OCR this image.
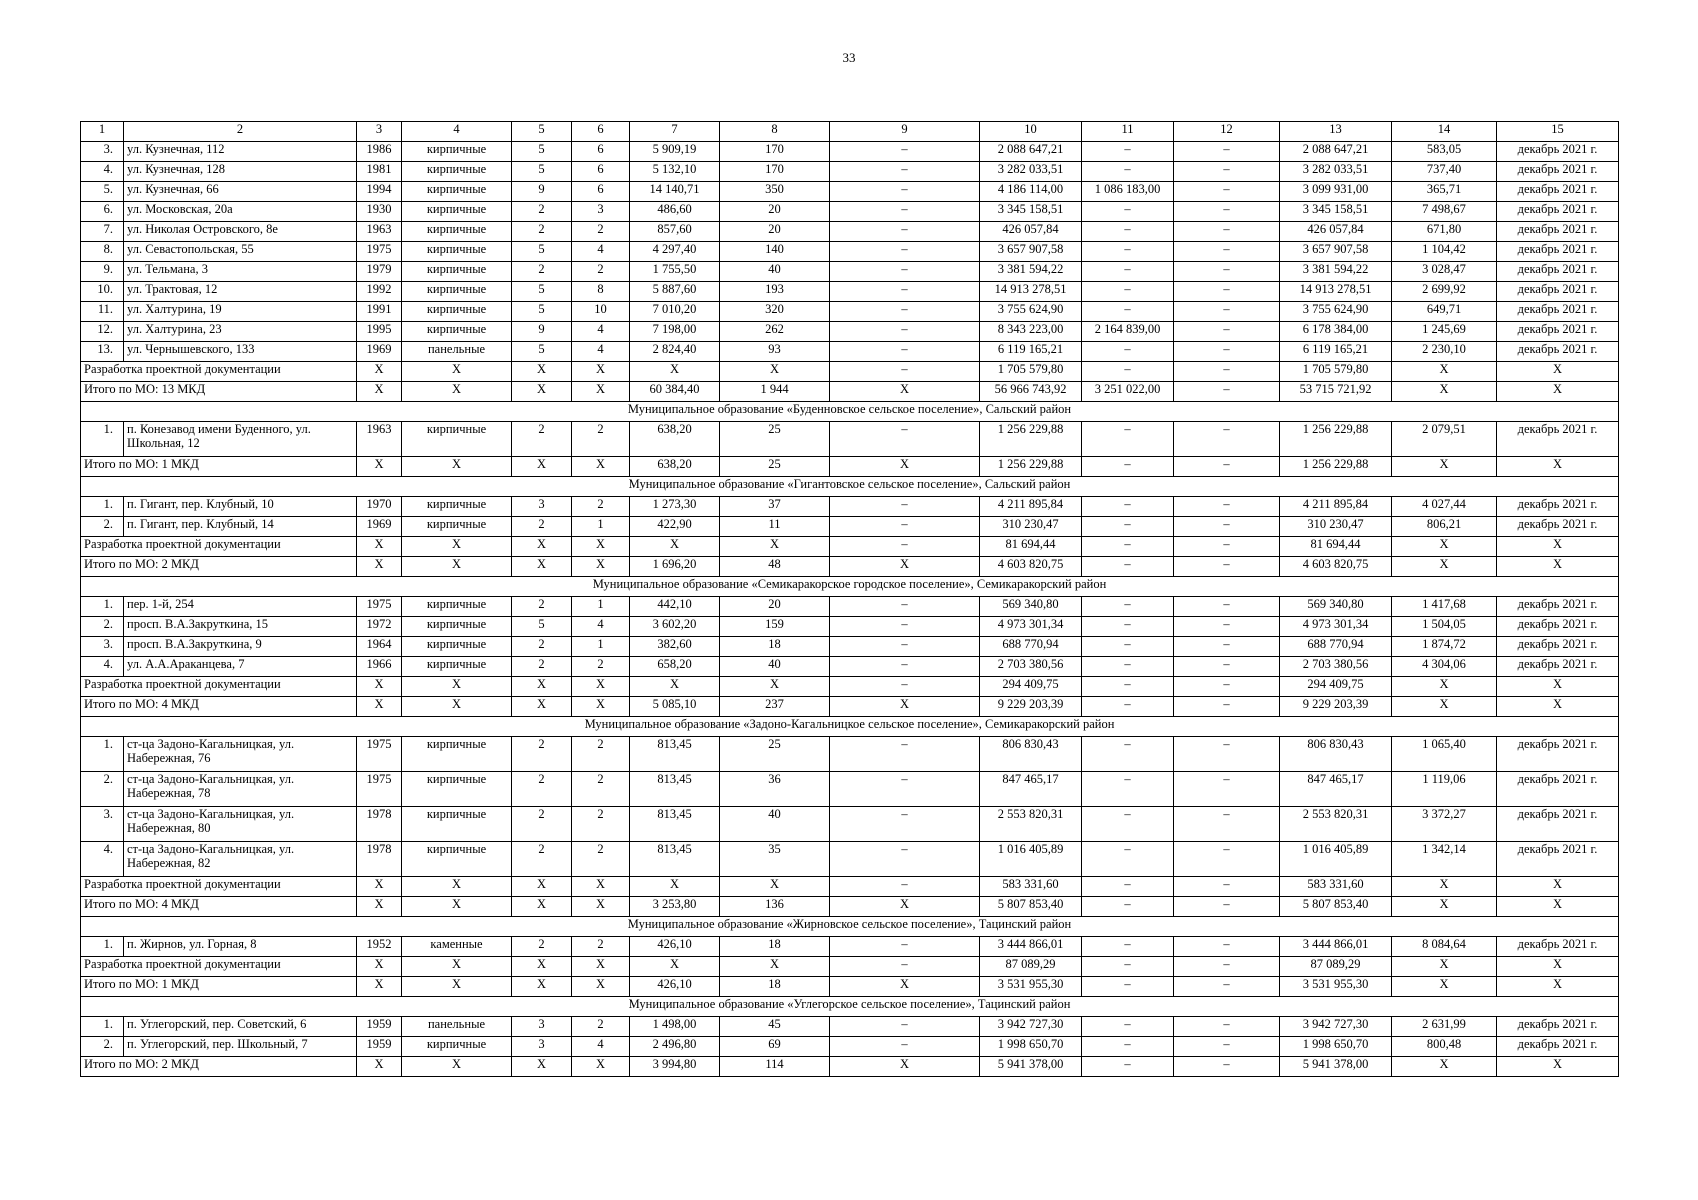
33
1	2	3	4	5	6	7	8	9	10	11	12	13	14	15
3.	ул. Кузнечная, 112	1986	кирпичные	5	6	5 909,19	170	–	2 088 647,21	–	–	2 088 647,21	583,05	декабрь 2021 г.
4.	ул. Кузнечная, 128	1981	кирпичные	5	6	5 132,10	170	–	3 282 033,51	–	–	3 282 033,51	737,40	декабрь 2021 г.
5.	ул. Кузнечная, 66	1994	кирпичные	9	6	14 140,71	350	–	4 186 114,00	1 086 183,00	–	3 099 931,00	365,71	декабрь 2021 г.
6.	ул. Московская, 20а	1930	кирпичные	2	3	486,60	20	–	3 345 158,51	–	–	3 345 158,51	7 498,67	декабрь 2021 г.
7.	ул. Николая Островского, 8е	1963	кирпичные	2	2	857,60	20	–	426 057,84	–	–	426 057,84	671,80	декабрь 2021 г.
8.	ул. Севастопольская, 55	1975	кирпичные	5	4	4 297,40	140	–	3 657 907,58	–	–	3 657 907,58	1 104,42	декабрь 2021 г.
9.	ул. Тельмана, 3	1979	кирпичные	2	2	1 755,50	40	–	3 381 594,22	–	–	3 381 594,22	3 028,47	декабрь 2021 г.
10.	ул. Трактовая, 12	1992	кирпичные	5	8	5 887,60	193	–	14 913 278,51	–	–	14 913 278,51	2 699,92	декабрь 2021 г.
11.	ул. Халтурина, 19	1991	кирпичные	5	10	7 010,20	320	–	3 755 624,90	–	–	3 755 624,90	649,71	декабрь 2021 г.
12.	ул. Халтурина, 23	1995	кирпичные	9	4	7 198,00	262	–	8 343 223,00	2 164 839,00	–	6 178 384,00	1 245,69	декабрь 2021 г.
13.	ул. Чернышевского, 133	1969	панельные	5	4	2 824,40	93	–	6 119 165,21	–	–	6 119 165,21	2 230,10	декабрь 2021 г.
Разработка проектной документации		X	X	X	X	X	X	–	1 705 579,80	–	–	1 705 579,80	X	X
Итого по МО: 13 МКД		X	X	X	X	60 384,40	1 944	X	56 966 743,92	3 251 022,00	–	53 715 721,92	X	X
Муниципальное образование «Буденновское сельское поселение», Сальский район														
1.	п. Конезавод имени Буденного, ул. Школьная, 12	1963	кирпичные	2	2	638,20	25	–	1 256 229,88	–	–	1 256 229,88	2 079,51	декабрь 2021 г.
Итого по МО: 1 МКД		X	X	X	X	638,20	25	X	1 256 229,88	–	–	1 256 229,88	X	X
Муниципальное образование «Гигантовское сельское поселение», Сальский район														
1.	п. Гигант, пер. Клубный, 10	1970	кирпичные	3	2	1 273,30	37	–	4 211 895,84	–	–	4 211 895,84	4 027,44	декабрь 2021 г.
2.	п. Гигант, пер. Клубный, 14	1969	кирпичные	2	1	422,90	11	–	310 230,47	–	–	310 230,47	806,21	декабрь 2021 г.
Разработка проектной документации		X	X	X	X	X	X	–	81 694,44	–	–	81 694,44	X	X
Итого по МО: 2 МКД		X	X	X	X	1 696,20	48	X	4 603 820,75	–	–	4 603 820,75	X	X
Муниципальное образование «Семикаракорское городское поселение», Семикаракорский район														
1.	пер. 1-й, 254	1975	кирпичные	2	1	442,10	20	–	569 340,80	–	–	569 340,80	1 417,68	декабрь 2021 г.
2.	просп. В.А.Закруткина, 15	1972	кирпичные	5	4	3 602,20	159	–	4 973 301,34	–	–	4 973 301,34	1 504,05	декабрь 2021 г.
3.	просп. В.А.Закруткина, 9	1964	кирпичные	2	1	382,60	18	–	688 770,94	–	–	688 770,94	1 874,72	декабрь 2021 г.
4.	ул. А.А.Араканцева, 7	1966	кирпичные	2	2	658,20	40	–	2 703 380,56	–	–	2 703 380,56	4 304,06	декабрь 2021 г.
Разработка проектной документации		X	X	X	X	X	X	–	294 409,75	–	–	294 409,75	X	X
Итого по МО: 4 МКД		X	X	X	X	5 085,10	237	X	9 229 203,39	–	–	9 229 203,39	X	X
Муниципальное образование «Задоно-Кагальницкое сельское поселение», Семикаракорский район														
1.	ст-ца Задоно-Кагальницкая, ул. Набережная, 76	1975	кирпичные	2	2	813,45	25	–	806 830,43	–	–	806 830,43	1 065,40	декабрь 2021 г.
2.	ст-ца Задоно-Кагальницкая, ул. Набережная, 78	1975	кирпичные	2	2	813,45	36	–	847 465,17	–	–	847 465,17	1 119,06	декабрь 2021 г.
3.	ст-ца Задоно-Кагальницкая, ул. Набережная, 80	1978	кирпичные	2	2	813,45	40	–	2 553 820,31	–	–	2 553 820,31	3 372,27	декабрь 2021 г.
4.	ст-ца Задоно-Кагальницкая, ул. Набережная, 82	1978	кирпичные	2	2	813,45	35	–	1 016 405,89	–	–	1 016 405,89	1 342,14	декабрь 2021 г.
Разработка проектной документации		X	X	X	X	X	X	–	583 331,60	–	–	583 331,60	X	X
Итого по МО: 4 МКД		X	X	X	X	3 253,80	136	X	5 807 853,40	–	–	5 807 853,40	X	X
Муниципальное образование «Жирновское сельское поселение», Тацинский район														
1.	п. Жирнов, ул. Горная, 8	1952	каменные	2	2	426,10	18	–	3 444 866,01	–	–	3 444 866,01	8 084,64	декабрь 2021 г.
Разработка проектной документации		X	X	X	X	X	X	–	87 089,29	–	–	87 089,29	X	X
Итого по МО: 1 МКД		X	X	X	X	426,10	18	X	3 531 955,30	–	–	3 531 955,30	X	X
Муниципальное образование «Углегорское сельское поселение», Тацинский район														
1.	п. Углегорский, пер. Советский, 6	1959	панельные	3	2	1 498,00	45	–	3 942 727,30	–	–	3 942 727,30	2 631,99	декабрь 2021 г.
2.	п. Углегорский, пер. Школьный, 7	1959	кирпичные	3	4	2 496,80	69	–	1 998 650,70	–	–	1 998 650,70	800,48	декабрь 2021 г.
Итого по МО: 2 МКД		X	X	X	X	3 994,80	114	X	5 941 378,00	–	–	5 941 378,00	X	X
